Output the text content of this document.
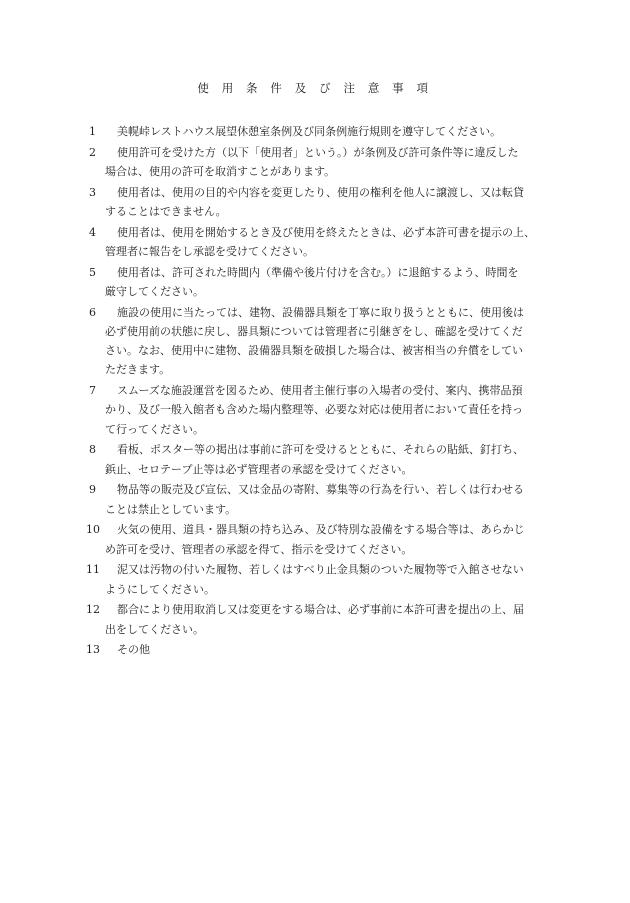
使 用 条 件 及 び 注 意 事 項
1	美幌峠レストハウス展望休憩室条例及び同条例施行規則を遵守してください。
2	使用許可を受けた方（以下「使用者」という。）が条例及び許可条件等に違反した
場合は、使用の許可を取消すことがあります。
3	使用者は、使用の目的や内容を変更したり、使用の権利を他人に譲渡し、又は転貸
することはできません。
4	使用者は、使用を開始するとき及び使用を終えたときは、必ず本許可書を提示の上、
管理者に報告をし承認を受けてください。
5	使用者は、許可された時間内（準備や後片付けを含む。）に退館するよう、時間を
厳守してください。
6	施設の使用に当たっては、建物、設備器具類を丁寧に取り扱うとともに、使用後は
必ず使用前の状態に戻し、器具類については管理者に引継ぎをし、確認を受けてくだ
さい。なお、使用中に建物、設備器具類を破損した場合は、被害相当の弁償をしてい
ただきます。
7	スムーズな施設運営を図るため、使用者主催行事の入場者の受付、案内、携帯品預
かり、及び一般入館者も含めた場内整理等、必要な対応は使用者において責任を持っ
て行ってください。
8	看板、ポスター等の掲出は事前に許可を受けるとともに、それらの貼紙、釘打ち、
鋲止、セロテープ止等は必ず管理者の承認を受けてください。
9	物品等の販売及び宣伝、又は金品の寄附、募集等の行為を行い、若しくは行わせる
ことは禁止としています。
10	火気の使用、道具・器具類の持ち込み、及び特別な設備をする場合等は、あらかじ
め許可を受け、管理者の承認を得て、指示を受けてください。
11	泥又は汚物の付いた履物、若しくはすべり止金具類のついた履物等で入館させない
ようにしてください。
12	都合により使用取消し又は変更をする場合は、必ず事前に本許可書を提出の上、届
出をしてください。
13	その他
